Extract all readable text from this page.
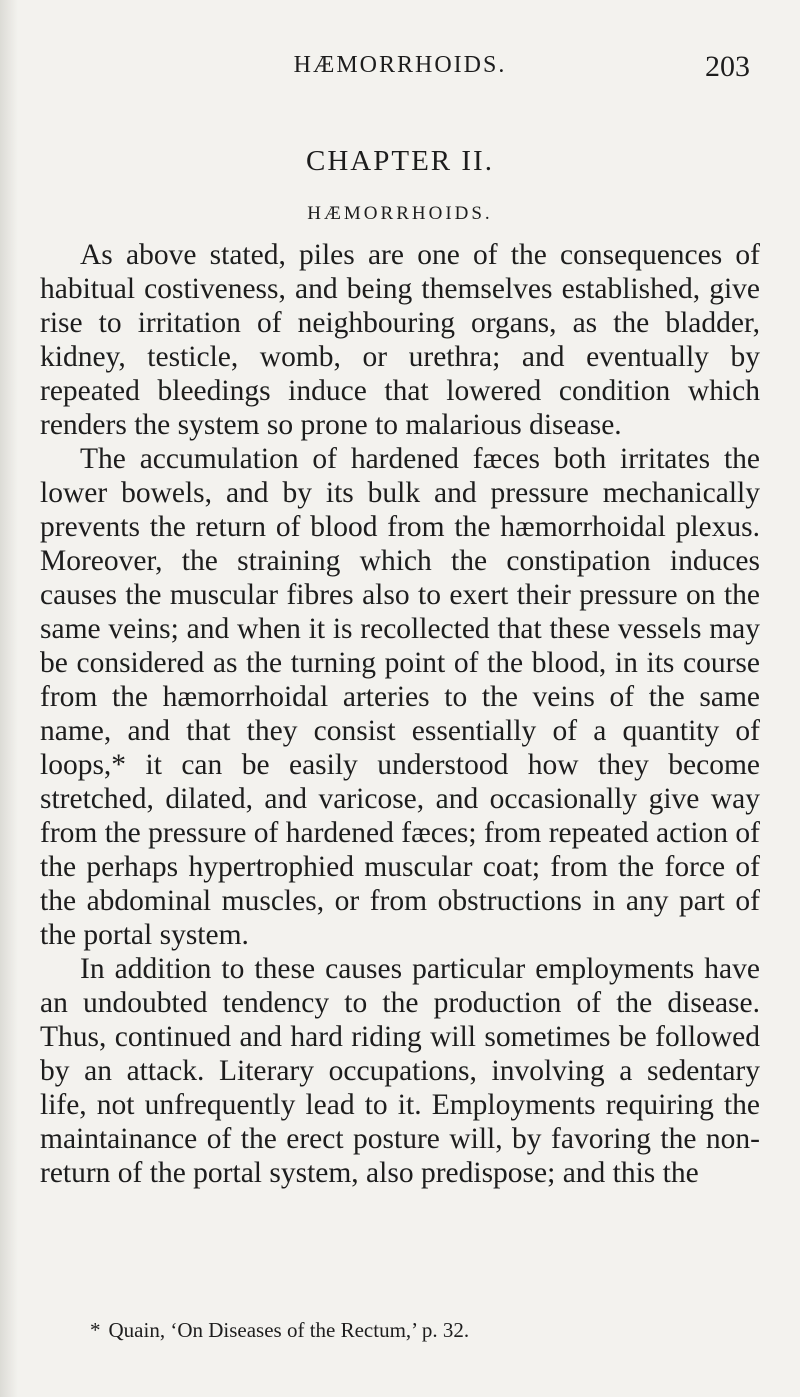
HÆMORRHOIDS.	203
CHAPTER II.
HÆMORRHOIDS.

As above stated, piles are one of the consequences of habitual costiveness, and being themselves established, give rise to irritation of neighbouring organs, as the bladder, kidney, testicle, womb, or urethra; and eventually by repeated bleedings induce that lowered condition which renders the system so prone to malarious disease.

The accumulation of hardened fæces both irritates the lower bowels, and by its bulk and pressure mechanically prevents the return of blood from the hæmorrhoidal plexus. Moreover, the straining which the constipation induces causes the muscular fibres also to exert their pressure on the same veins; and when it is recollected that these vessels may be considered as the turning point of the blood, in its course from the hæmorrhoidal arteries to the veins of the same name, and that they consist essentially of a quantity of loops,* it can be easily understood how they become stretched, dilated, and varicose, and occasionally give way from the pressure of hardened fæces; from repeated action of the perhaps hypertrophied muscular coat; from the force of the abdominal muscles, or from obstructions in any part of the portal system.

In addition to these causes particular employments have an undoubted tendency to the production of the disease. Thus, continued and hard riding will sometimes be followed by an attack. Literary occupations, involving a sedentary life, not unfrequently lead to it. Employments requiring the maintainance of the erect posture will, by favoring the non-return of the portal system, also predispose; and this the

* Quain, ‘On Diseases of the Rectum,’ p. 32.
